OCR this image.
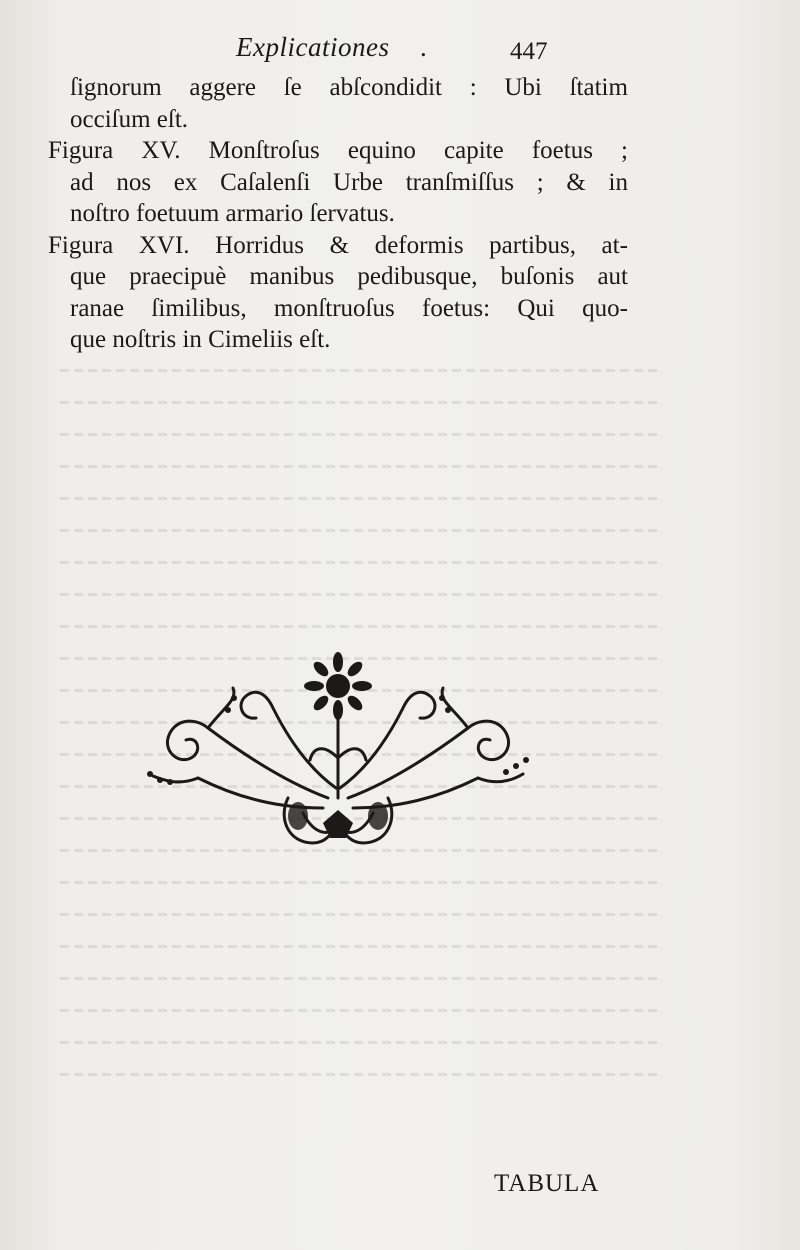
Explicationes .	447
ſignorum aggere ſe abſcondidit : Ubi ſtatim
occiſum eſt.
Figura XV. Monſtroſus equino capite foetus ;
ad nos ex Caſalenſi Urbe tranſmiſſus ; & in
noſtro foetuum armario ſervatus.
Figura XVI. Horridus & deformis partibus, at-
que praecipuè manibus pedibusque, buſonis aut
ranae ſimilibus, monſtruoſus foetus: Qui quo-
que noſtris in Cimeliis eſt.
TABULA
